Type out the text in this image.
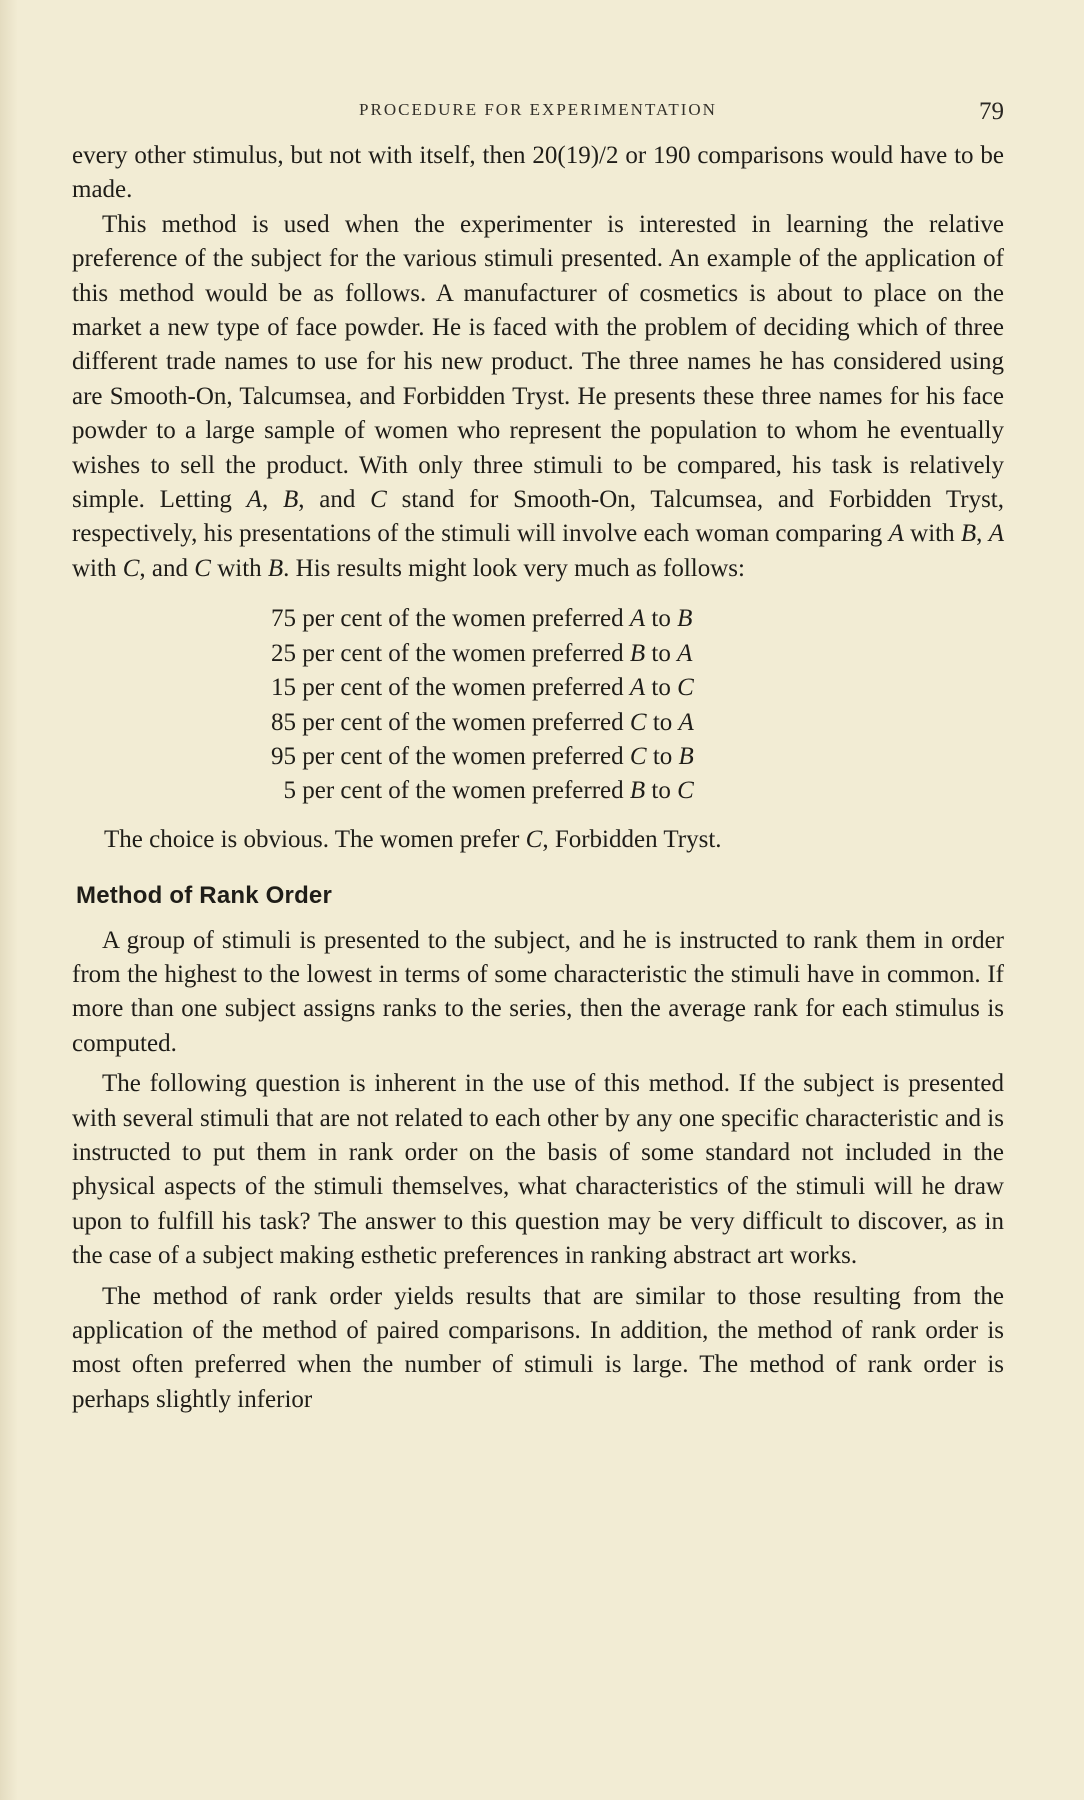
PROCEDURE FOR EXPERIMENTATION	79

every other stimulus, but not with itself, then 20(19)/2 or 190 comparisons would have to be made.

This method is used when the experimenter is interested in learning the relative preference of the subject for the various stimuli presented. An example of the application of this method would be as follows. A manufacturer of cosmetics is about to place on the market a new type of face powder. He is faced with the problem of deciding which of three different trade names to use for his new product. The three names he has considered using are Smooth-On, Talcumsea, and Forbidden Tryst. He presents these three names for his face powder to a large sample of women who represent the population to whom he eventually wishes to sell the product. With only three stimuli to be compared, his task is relatively simple. Letting A, B, and C stand for Smooth-On, Talcumsea, and Forbidden Tryst, respectively, his presentations of the stimuli will involve each woman comparing A with B, A with C, and C with B. His results might look very much as follows:

75 per cent of the women preferred A to B
25 per cent of the women preferred B to A
15 per cent of the women preferred A to C
85 per cent of the women preferred C to A
95 per cent of the women preferred C to B
5 per cent of the women preferred B to C

The choice is obvious. The women prefer C, Forbidden Tryst.

Method of Rank Order

A group of stimuli is presented to the subject, and he is instructed to rank them in order from the highest to the lowest in terms of some characteristic the stimuli have in common. If more than one subject assigns ranks to the series, then the average rank for each stimulus is computed.

The following question is inherent in the use of this method. If the subject is presented with several stimuli that are not related to each other by any one specific characteristic and is instructed to put them in rank order on the basis of some standard not included in the physical aspects of the stimuli themselves, what characteristics of the stimuli will he draw upon to fulfill his task? The answer to this question may be very difficult to discover, as in the case of a subject making esthetic preferences in ranking abstract art works.

The method of rank order yields results that are similar to those resulting from the application of the method of paired comparisons. In addition, the method of rank order is most often preferred when the number of stimuli is large. The method of rank order is perhaps slightly inferior
